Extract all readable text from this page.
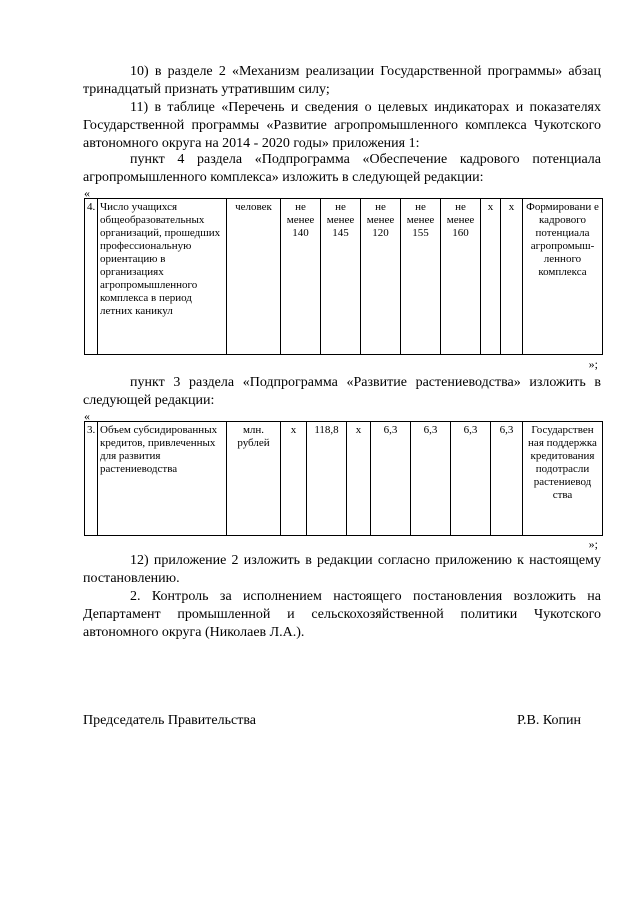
10) в разделе 2 «Механизм реализации Государственной программы» абзац тринадцатый признать утратившим силу;

11) в таблице «Перечень и сведения о целевых индикаторах и показателях Государственной программы «Развитие агропромышленного комплекса Чукотского автономного округа на 2014 - 2020 годы» приложения 1:

пункт 4 раздела «Подпрограмма «Обеспечение кадрового потенциала агропромышленного комплекса» изложить в следующей редакции:

«
4.	Число учащихся общеобразовательных организаций, прошедших профессиональную ориентацию в организациях агропромышленного комплекса в период летних каникул	человек	не менее 140	не менее 145	не менее 120	не менее 155	не менее 160	х	х	Формировани е кадрового потенциала агропромыш-ленного комплекса
»;

пункт 3 раздела «Подпрограмма «Развитие растениеводства» изложить в следующей редакции:

«
3.	Объем субсидированных кредитов, привлеченных для развития растениеводства	млн. рублей	х	118,8	х	6,3	6,3	6,3	6,3	Государствен ная поддержка кредитования подотрасли растениевод ства
»;

12) приложение 2 изложить в редакции согласно приложению к настоящему постановлению.

2. Контроль за исполнением настоящего постановления возложить на Департамент промышленной и сельскохозяйственной политики Чукотского автономного округа (Николаев Л.А.).

Председатель Правительства	Р.В. Копин
